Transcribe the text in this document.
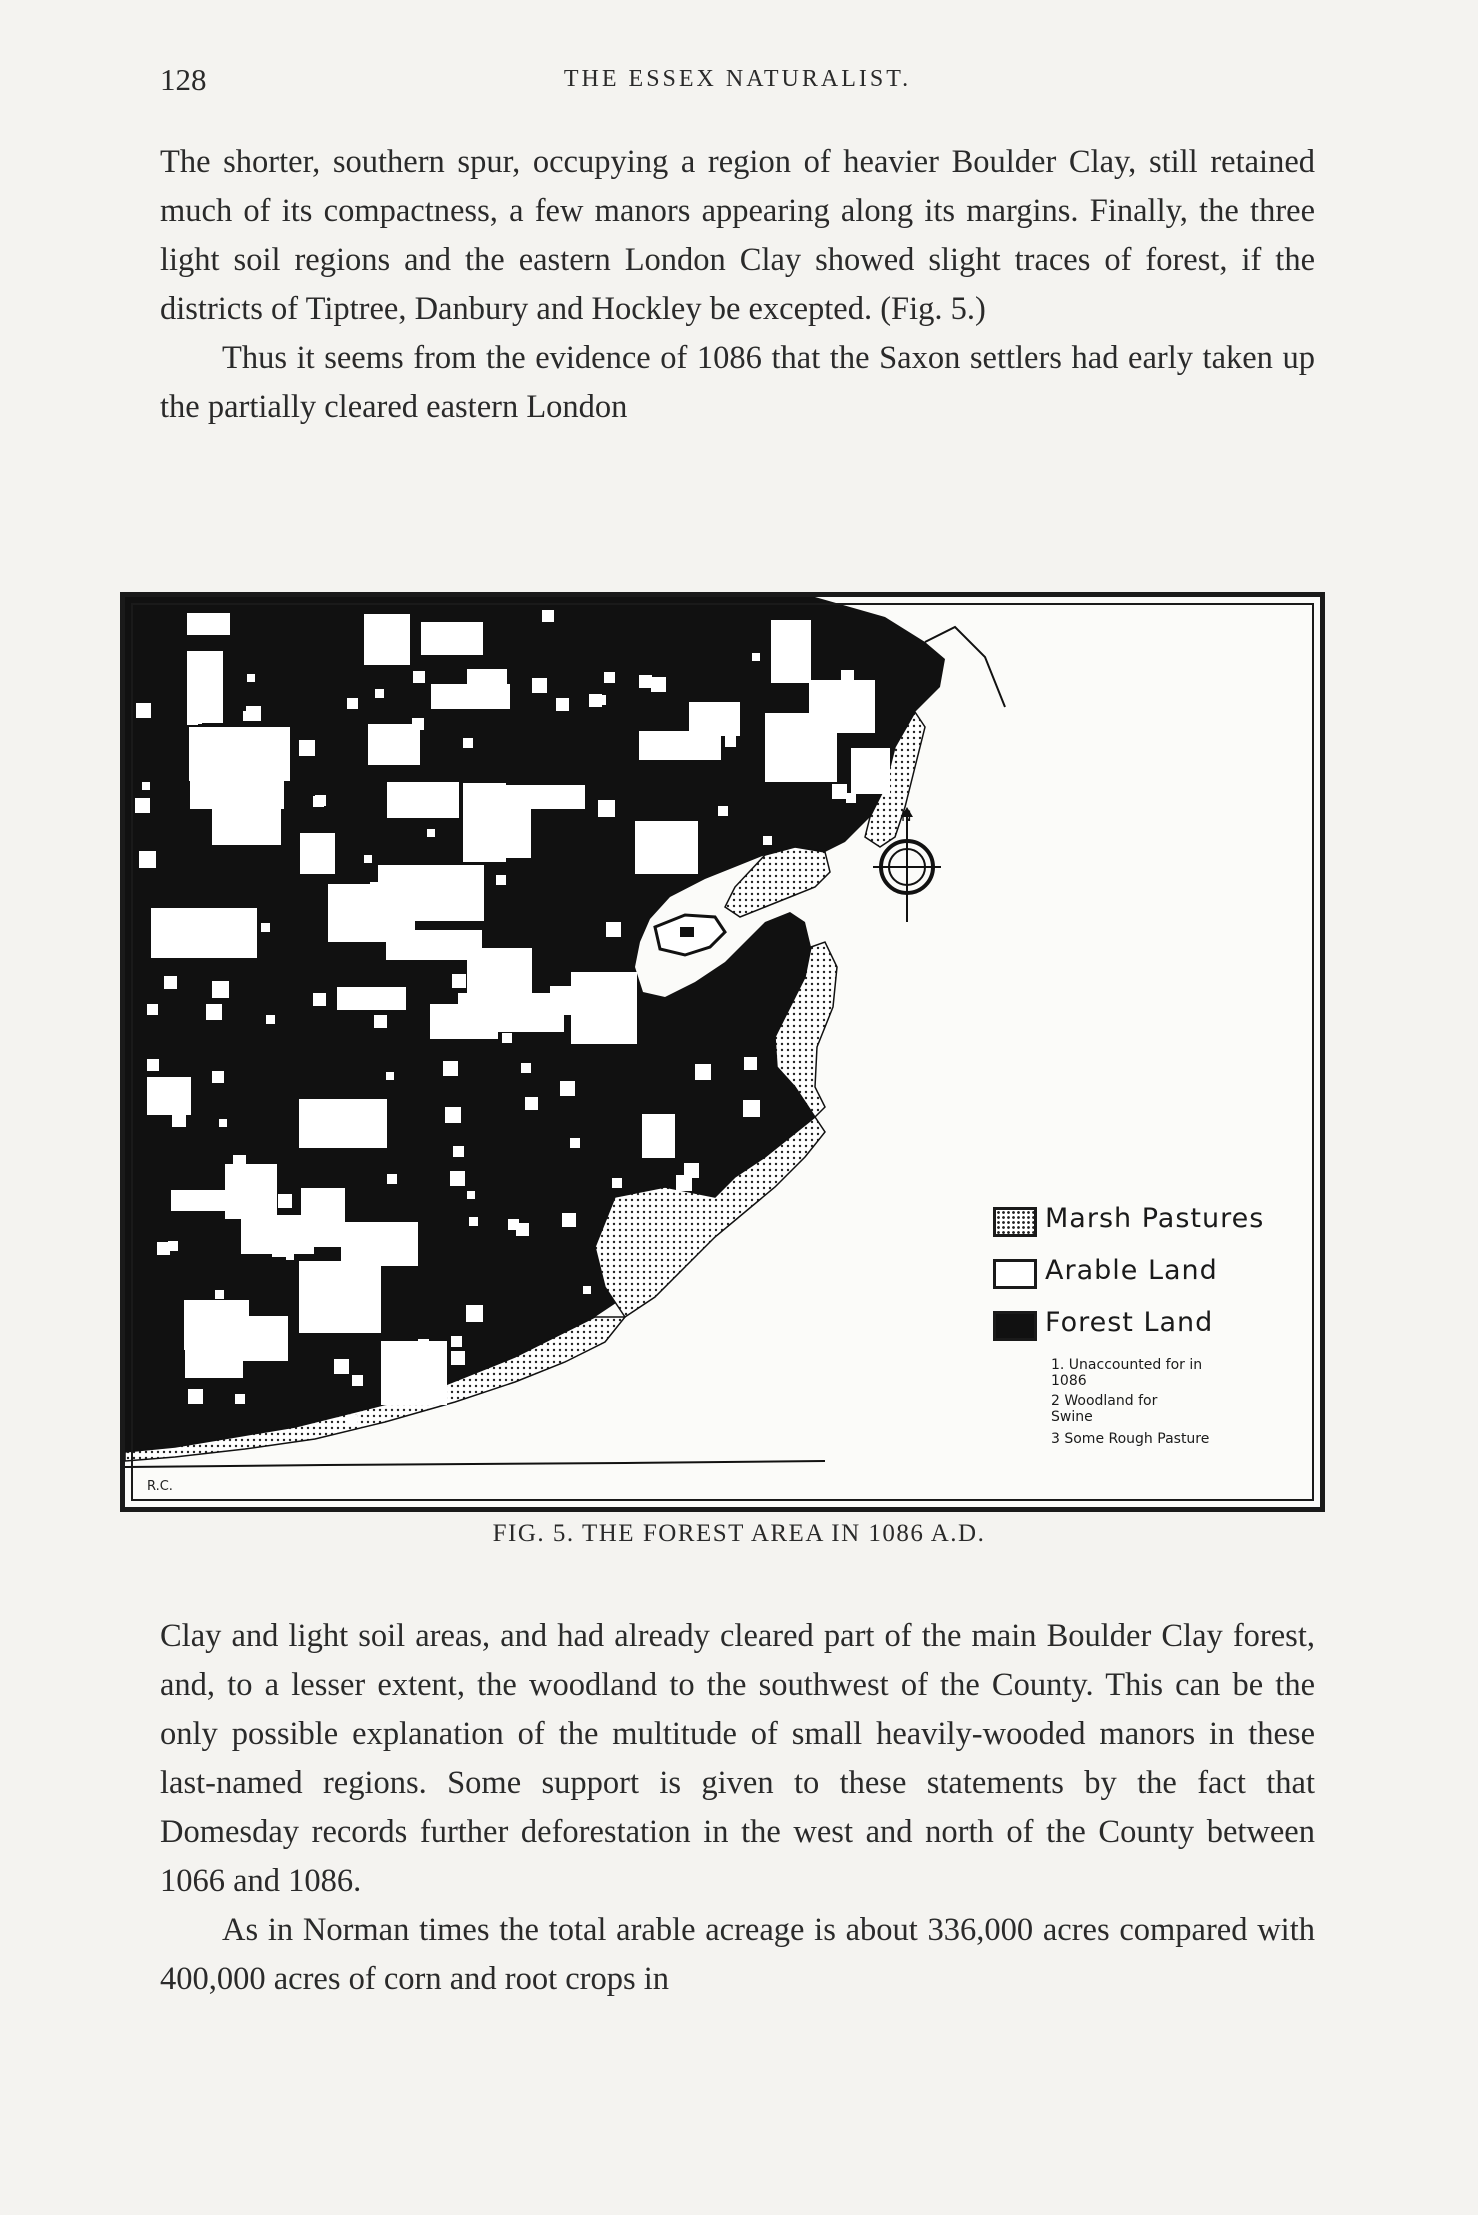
128	THE ESSEX NATURALIST.

The shorter, southern spur, occupying a region of heavier Boulder Clay, still retained much of its compactness, a few manors appearing along its margins. Finally, the three light soil regions and the eastern London Clay showed slight traces of forest, if the districts of Tiptree, Danbury and Hockley be excepted. (Fig. 5.)

Thus it seems from the evidence of 1086 that the Saxon settlers had early taken up the partially cleared eastern London

N
Marsh Pastures
Arable Land
Forest Land
1. Unaccounted for in
1086
2 Woodland for
Swine
3 Some Rough Pasture
R.C.
FIG. 5. THE FOREST AREA IN 1086 A.D.

Clay and light soil areas, and had already cleared part of the main Boulder Clay forest, and, to a lesser extent, the woodland to the southwest of the County. This can be the only possible explanation of the multitude of small heavily-wooded manors in these last-named regions. Some support is given to these statements by the fact that Domesday records further deforestation in the west and north of the County between 1066 and 1086.

As in Norman times the total arable acreage is about 336,000 acres compared with 400,000 acres of corn and root crops in
